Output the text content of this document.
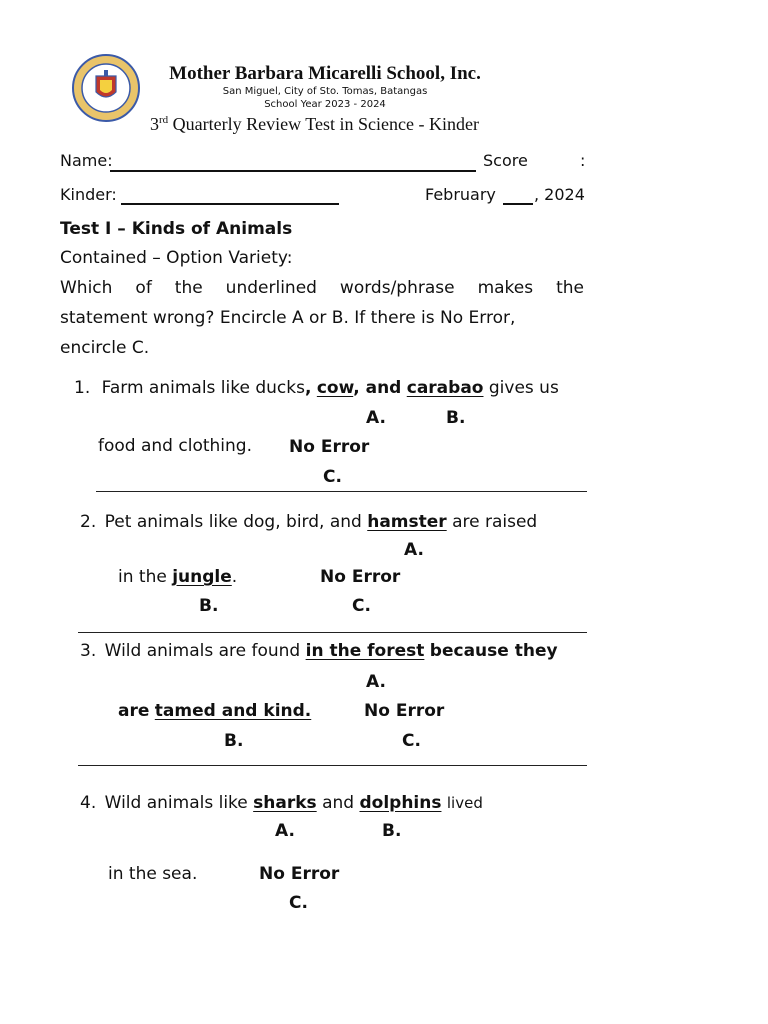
Mother Barbara Micarelli School, Inc.
San Miguel, City of Sto. Tomas, Batangas
School Year 2023 - 2024
3rd Quarterly Review Test in Science - Kinder
Name:	Score	:
Kinder:	February , 2024
Test I – Kinds of Animals
Contained – Option Variety:
Which of the underlined words/phrase makes the
statement wrong? Encircle A or B. If there is No Error,
encircle C.
1. Farm animals like ducks, cow, and carabao gives us
A.	B.
food and clothing. No Error
C.
2. Pet animals like dog, bird, and hamster are raised
A.
in the jungle.	No Error
B.	C.
3. Wild animals are found in the forest because they
A.
are tamed and kind.	No Error
B.	C.
4. Wild animals like sharks and dolphins lived
A.	B.
in the sea.	No Error
C.
